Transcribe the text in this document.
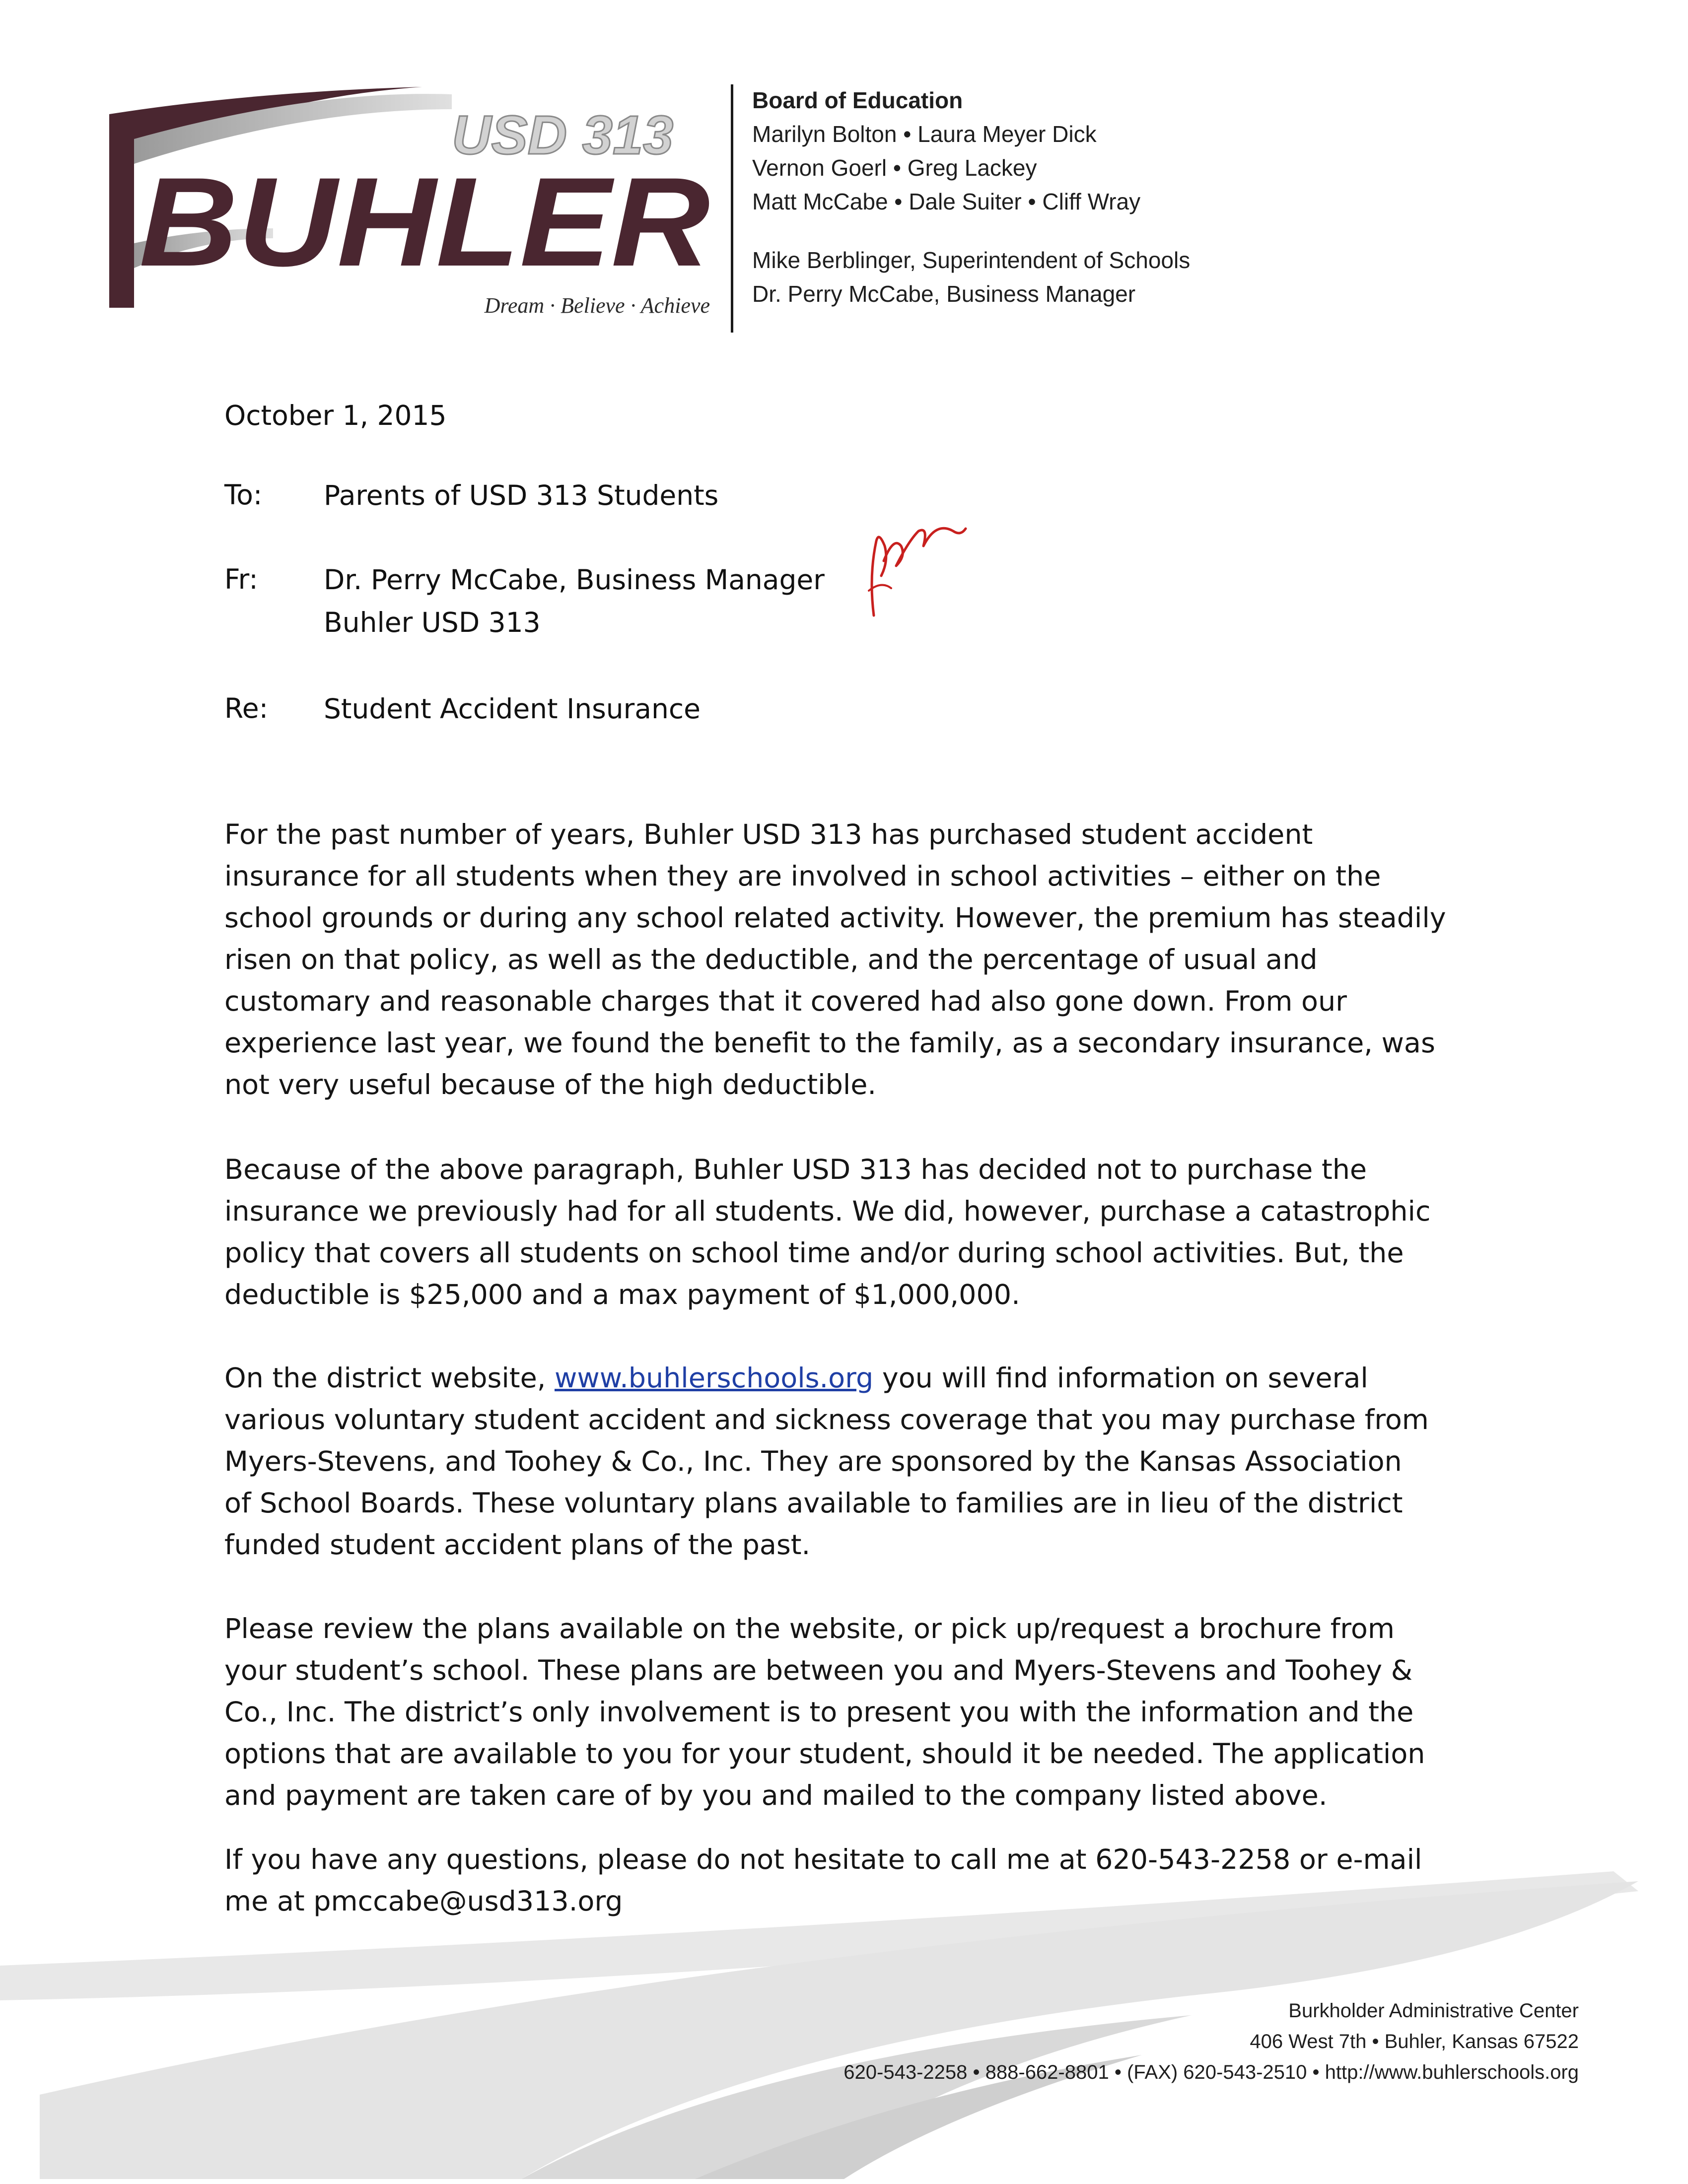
USD 313
BUHLER
Dream · Believe · Achieve
Board of Education
Marilyn Bolton • Laura Meyer Dick
Vernon Goerl • Greg Lackey
Matt McCabe • Dale Suiter • Cliff Wray
Mike Berblinger, Superintendent of Schools
Dr. Perry McCabe, Business Manager
October 1, 2015
To: Parents of USD 313 Students
Fr: Dr. Perry McCabe, Business Manager
Buhler USD 313
Re: Student Accident Insurance
For the past number of years, Buhler USD 313 has purchased student accident
insurance for all students when they are involved in school activities – either on the
school grounds or during any school related activity. However, the premium has steadily
risen on that policy, as well as the deductible, and the percentage of usual and
customary and reasonable charges that it covered had also gone down. From our
experience last year, we found the benefit to the family, as a secondary insurance, was
not very useful because of the high deductible.
Because of the above paragraph, Buhler USD 313 has decided not to purchase the
insurance we previously had for all students. We did, however, purchase a catastrophic
policy that covers all students on school time and/or during school activities. But, the
deductible is $25,000 and a max payment of $1,000,000.
On the district website, www.buhlerschools.org you will find information on several
various voluntary student accident and sickness coverage that you may purchase from
Myers-Stevens, and Toohey & Co., Inc. They are sponsored by the Kansas Association
of School Boards. These voluntary plans available to families are in lieu of the district
funded student accident plans of the past.
Please review the plans available on the website, or pick up/request a brochure from
your student’s school. These plans are between you and Myers-Stevens and Toohey &
Co., Inc. The district’s only involvement is to present you with the information and the
options that are available to you for your student, should it be needed. The application
and payment are taken care of by you and mailed to the company listed above.
If you have any questions, please do not hesitate to call me at 620-543-2258 or e-mail
me at pmccabe@usd313.org
Burkholder Administrative Center
406 West 7th • Buhler, Kansas 67522
620-543-2258 • 888-662-8801 • (FAX) 620-543-2510 • http://www.buhlerschools.org
